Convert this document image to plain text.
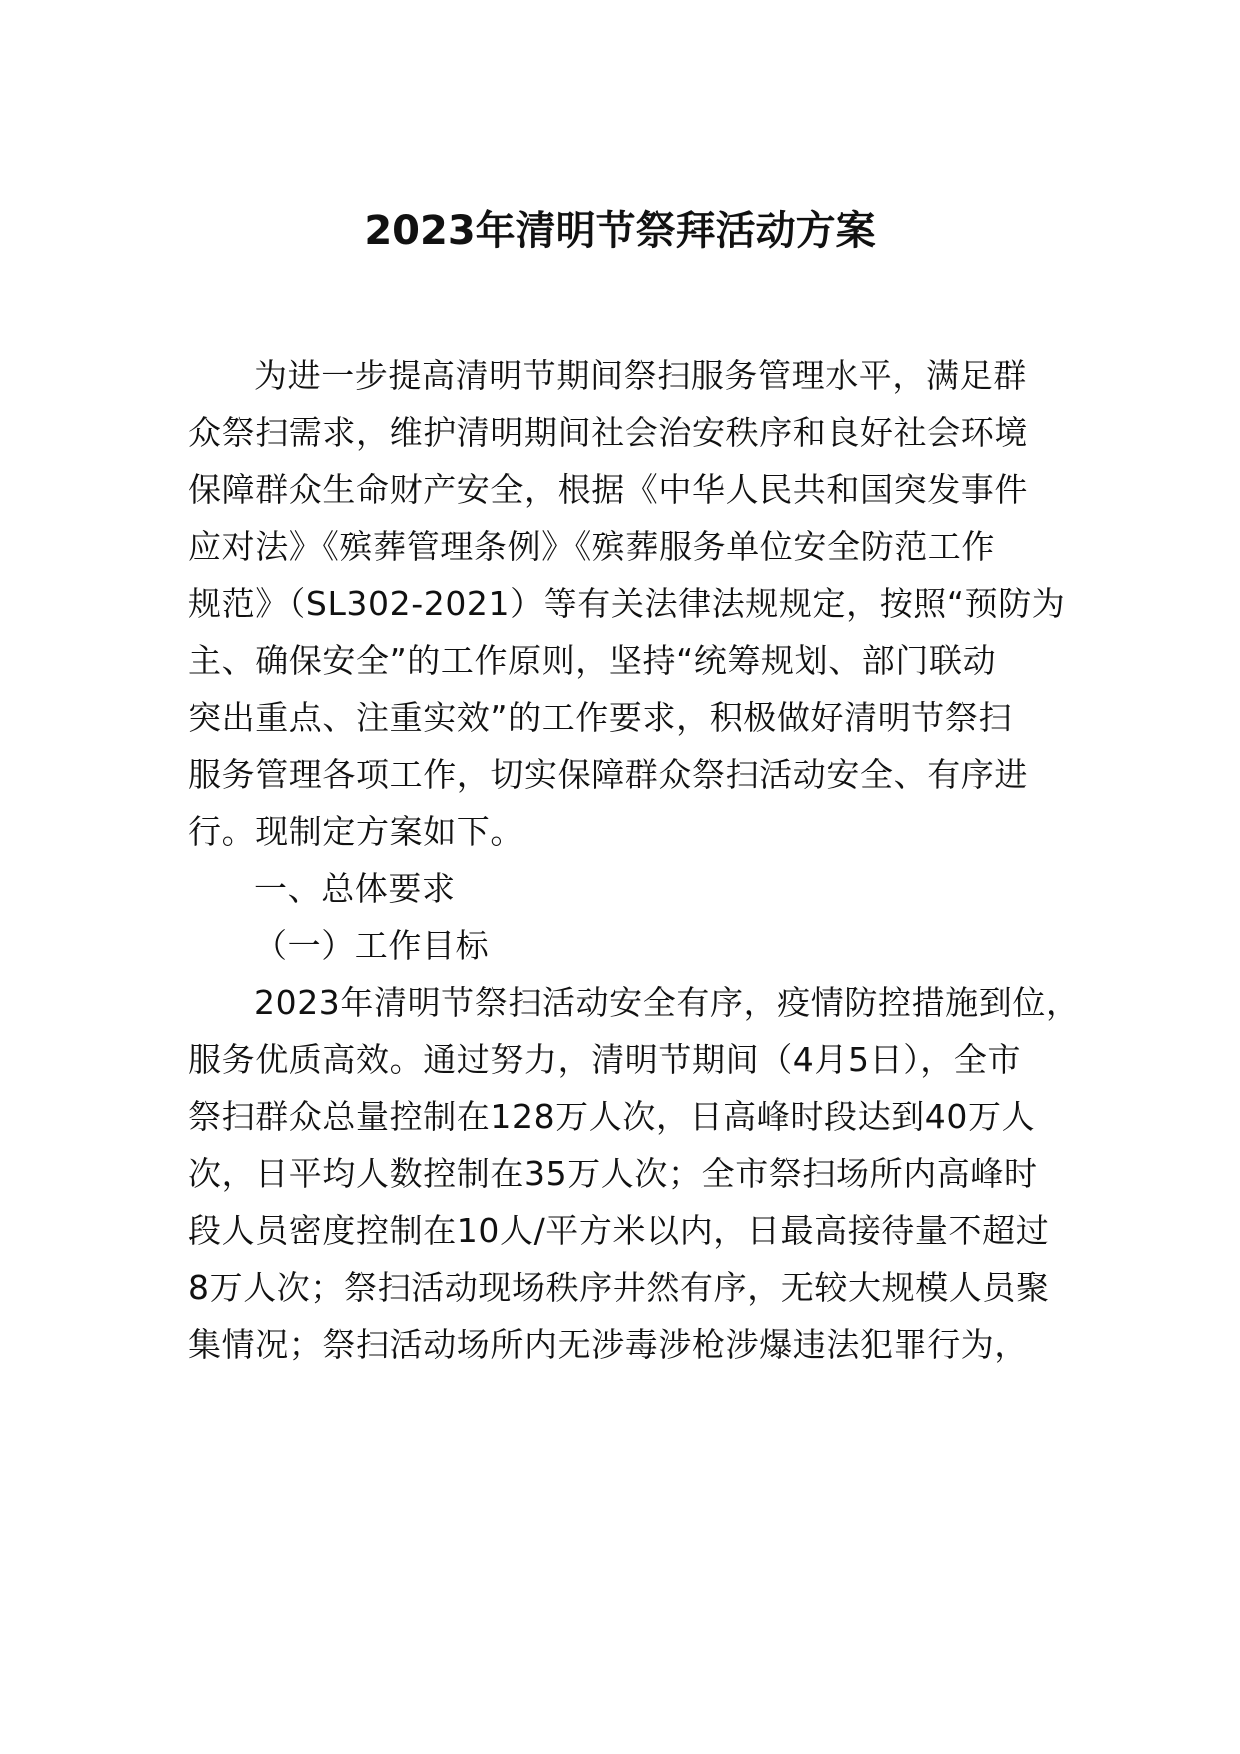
2023年清明节祭拜活动方案

为进一步提高清明节期间祭扫服务管理水平，满足群

众祭扫需求，维护清明期间社会治安秩序和良好社会环境

保障群众生命财产安全，根据《中华人民共和国突发事件

应对法》《殡葬管理条例》《殡葬服务单位安全防范工作

规范》（SL302-2021）等有关法律法规规定，按照“预防为

主、确保安全”的工作原则，坚持“统筹规划、部门联动

突出重点、注重实效”的工作要求，积极做好清明节祭扫

服务管理各项工作，切实保障群众祭扫活动安全、有序进

行。现制定方案如下。

一、总体要求

（一）工作目标

2023年清明节祭扫活动安全有序，疫情防控措施到位，

服务优质高效。通过努力，清明节期间（4月5日），全市

祭扫群众总量控制在128万人次，日高峰时段达到40万人

次，日平均人数控制在35万人次；全市祭扫场所内高峰时

段人员密度控制在10人/平方米以内，日最高接待量不超过

8万人次；祭扫活动现场秩序井然有序，无较大规模人员聚

集情况；祭扫活动场所内无涉毒涉枪涉爆违法犯罪行为，
